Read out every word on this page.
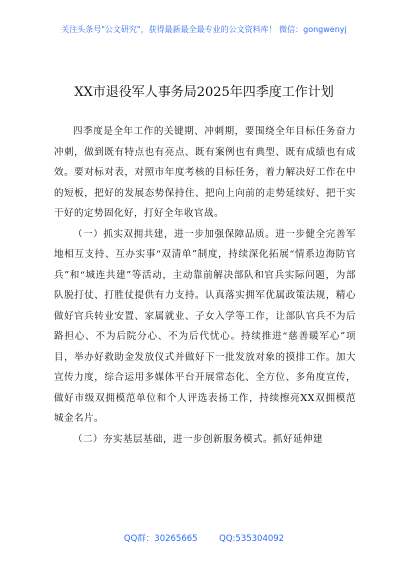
关注头条号"公文研究"，获得最新最全最专业的公文资料库！ 微信：gongwenyj
XX市退役军人事务局2025年四季度工作计划

四季度是全年工作的关键期、冲刺期，要围绕全年目标任务奋力冲刺，做到既有特点也有亮点、既有案例也有典型、既有成绩也有成效。要对标对表，对照市年度考核的目标任务，着力解决好工作在中的短板，把好的发展态势保持住、把向上向前的走势延续好、把干实干好的定势固化好，打好全年收官战。

（一）抓实双拥共建，进一步加强保障品质。进一步健全完善军地相互支持、互办实事“双清单”制度，持续深化拓展“情系边海防官兵”和“城连共建”等活动，主动靠前解决部队和官兵实际问题，为部队脱打仗、打胜仗提供有力支持。认真落实拥军优属政策法规，精心做好官兵转业安置、家属就业、子女入学等工作，让部队官兵不为后路担心、不为后院分心、不为后代忧心。持续推进“慈善暖军心”项目，举办好救助金发放仪式并做好下一批发放对象的摸排工作。加大宣传力度，综合运用多媒体平台开展常态化、全方位、多角度宣传，做好市级双拥模范单位和个人评选表扬工作，持续擦亮XX双拥模范城金名片。

（二）夯实基层基础，进一步创新服务模式。抓好延伸建

QQ群：30265665        QQ:535304092
